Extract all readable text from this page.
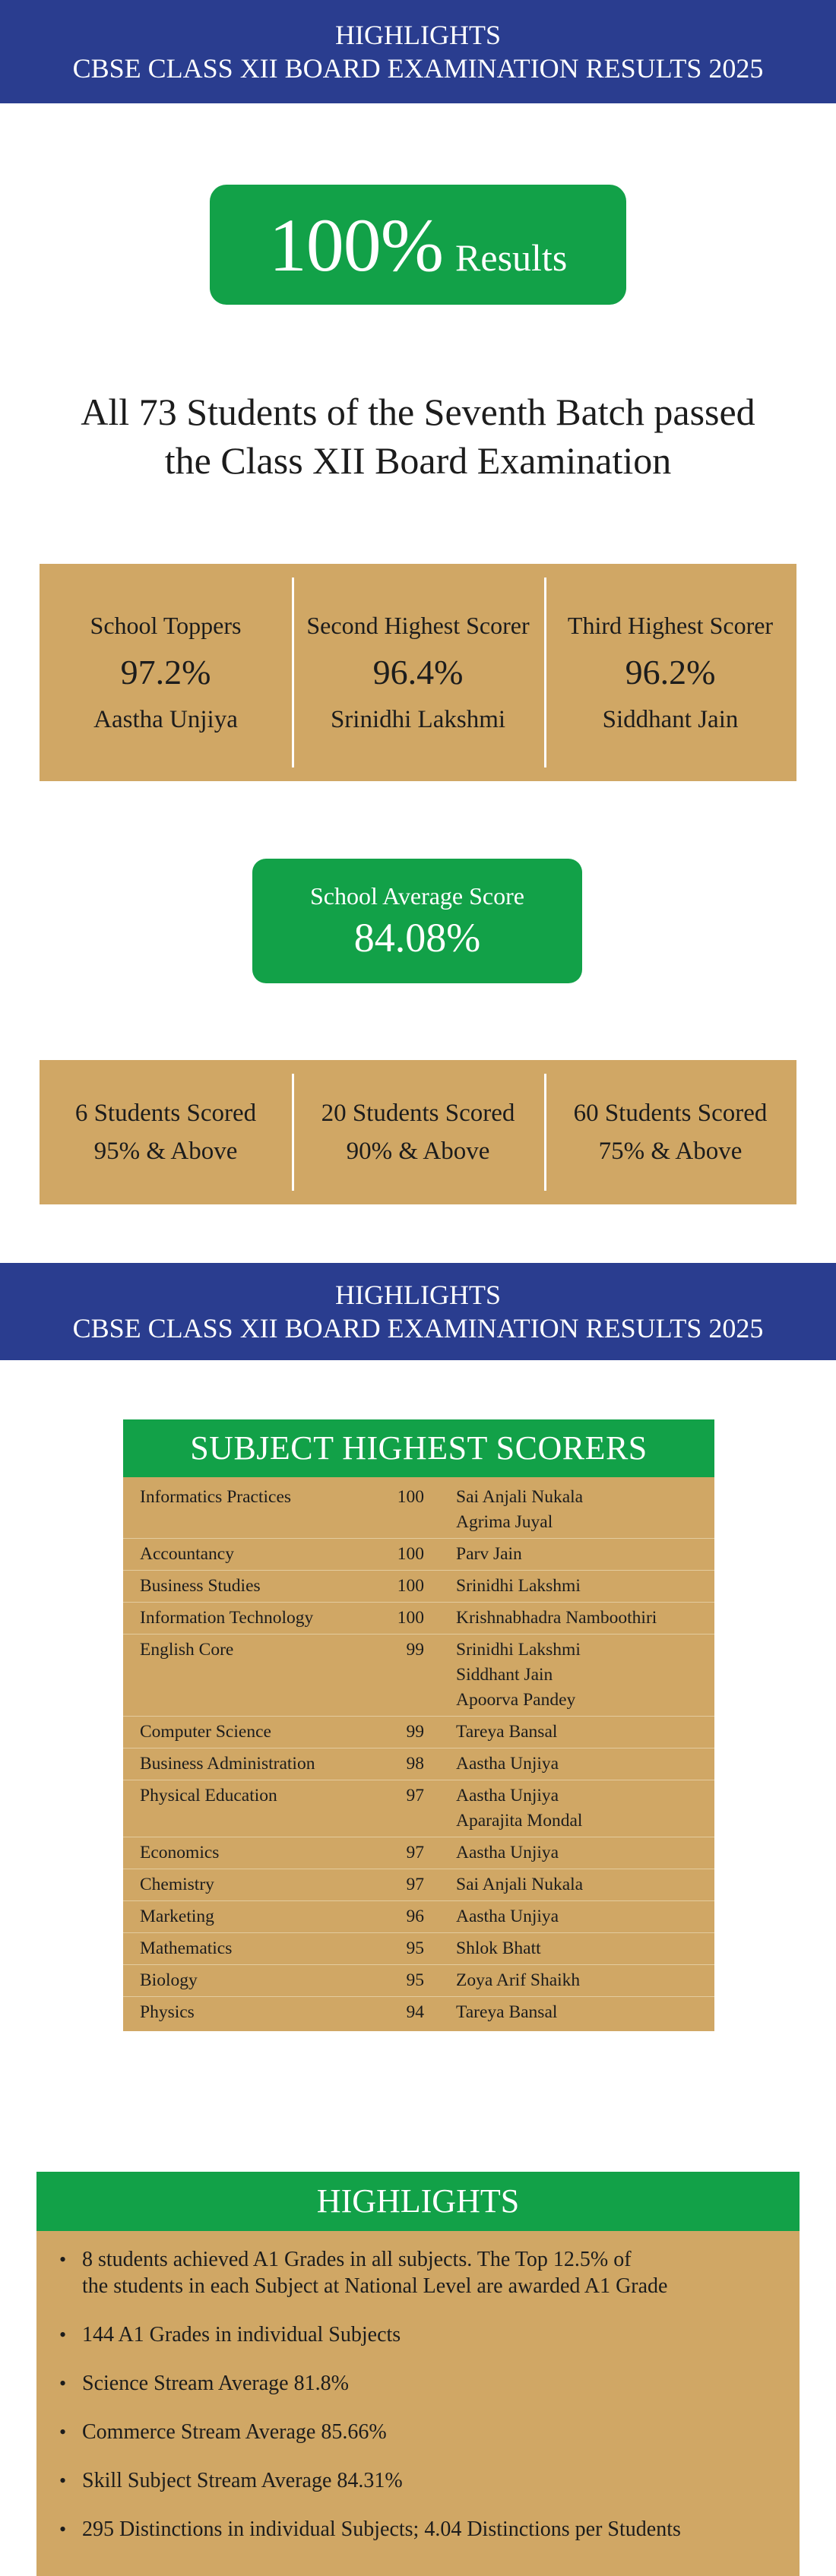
HIGHLIGHTS
CBSE CLASS XII BOARD EXAMINATION RESULTS 2025
100% Results
All 73 Students of the Seventh Batch passed
the Class XII Board Examination
School Toppers
97.2%
Aastha Unjiya
Second Highest Scorer
96.4%
Srinidhi Lakshmi
Third Highest Scorer
96.2%
Siddhant Jain
School Average Score
84.08%
6 Students Scored
95% & Above
20 Students Scored
90% & Above
60 Students Scored
75% & Above
HIGHLIGHTS
CBSE CLASS XII BOARD EXAMINATION RESULTS 2025
SUBJECT HIGHEST SCORERS
Informatics Practices	100	Sai Anjali Nukala
Agrima Juyal
Accountancy	100	Parv Jain
Business Studies	100	Srinidhi Lakshmi
Information Technology	100	Krishnabhadra Namboothiri
English Core	99	Srinidhi Lakshmi
Siddhant Jain
Apoorva Pandey
Computer Science	99	Tareya Bansal
Business Administration	98	Aastha Unjiya
Physical Education	97	Aastha Unjiya
Aparajita Mondal
Economics	97	Aastha Unjiya
Chemistry	97	Sai Anjali Nukala
Marketing	96	Aastha Unjiya
Mathematics	95	Shlok Bhatt
Biology	95	Zoya Arif Shaikh
Physics	94	Tareya Bansal
HIGHLIGHTS
• 8 students achieved A1 Grades in all subjects. The Top 12.5% of
the students in each Subject at National Level are awarded A1 Grade
• 144 A1 Grades in individual Subjects
• Science Stream Average 81.8%
• Commerce Stream Average 85.66%
• Skill Subject Stream Average 84.31%
• 295 Distinctions in individual Subjects; 4.04 Distinctions per Students
